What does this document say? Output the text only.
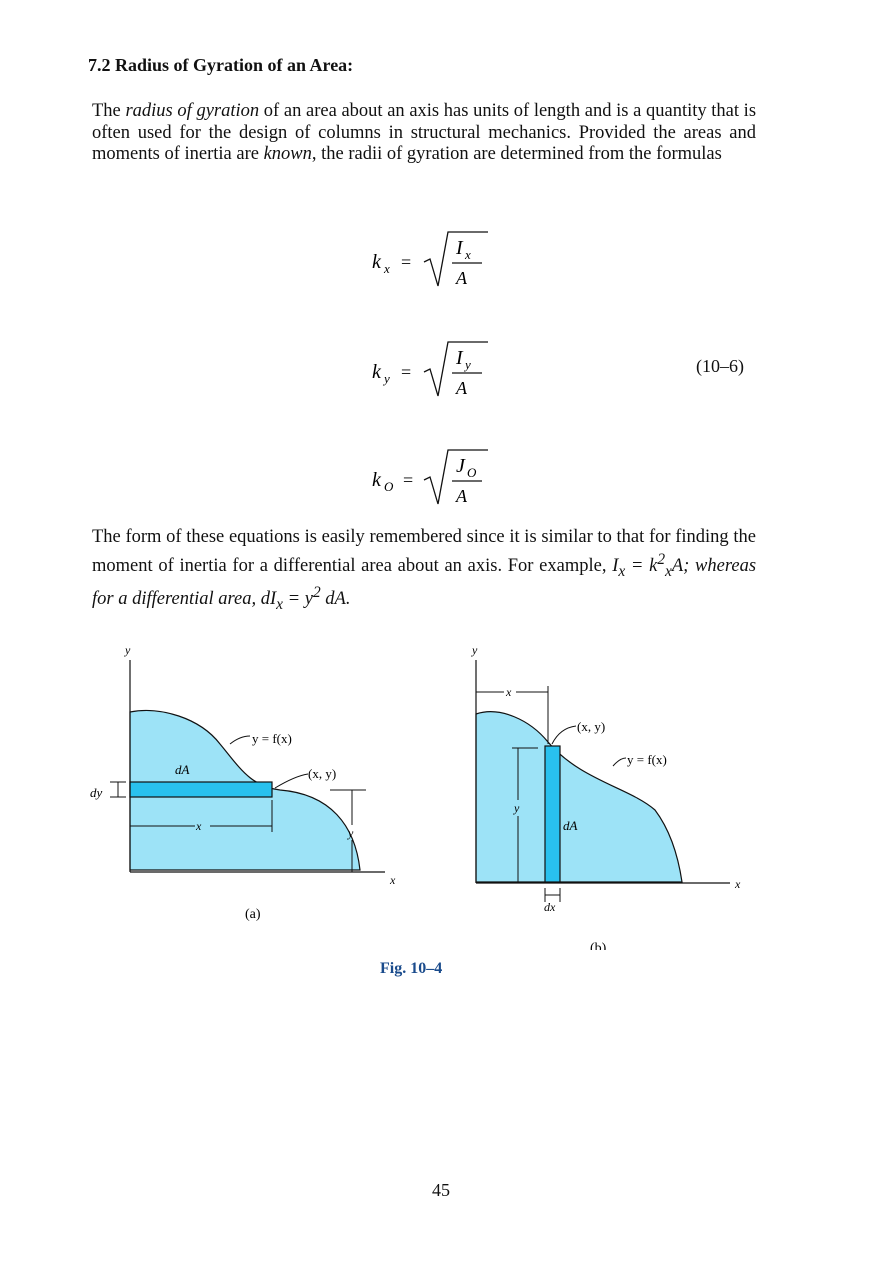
7.2 Radius of Gyration of an Area:
The radius of gyration of an area about an axis has units of length and is a quantity that is often used for the design of columns in structural mechanics. Provided the areas and moments of inertia are known, the radii of gyration are determined from the formulas
k x =
I x
A
k y =
I y
A
(10–6)
k O =
J O
A
The form of these equations is easily remembered since it is similar to that for finding the moment of inertia for a differential area about an axis. For example, $I_x = k^2_xA$; whereas for a differential area, $dI_x = y^2$ dA.
y
x
y = f(x)
dA	(x, y)
dy
x	y
(a)
y
x
x
(x, y)
y = f(x)
y
dA
dx
(b)
Fig. 10–4
45
